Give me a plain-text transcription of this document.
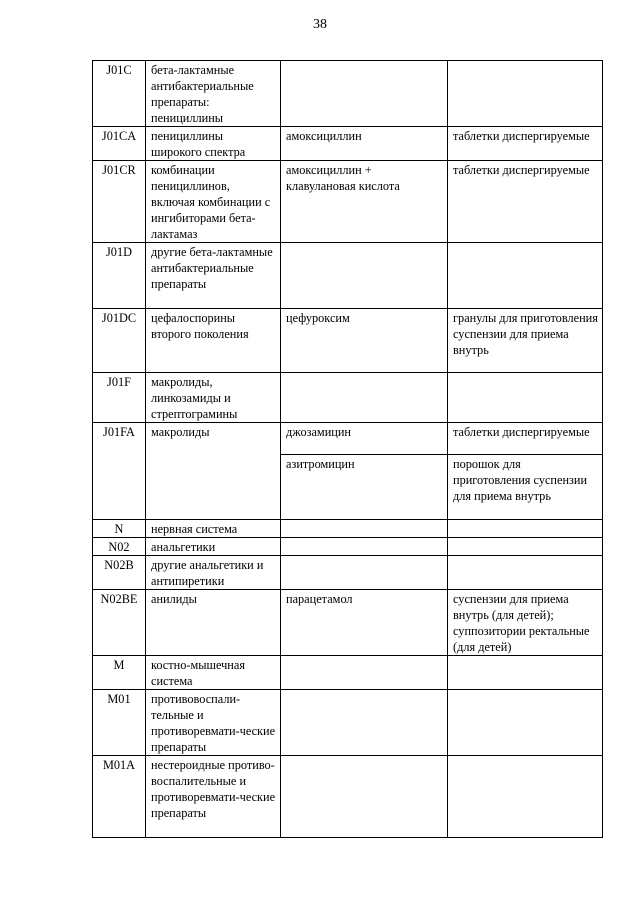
38
J01C	бета-лактамные антибактериальные препараты: пенициллины		
J01CA	пенициллины широкого спектра	амоксициллин	таблетки диспергируемые
J01CR	комбинации пенициллинов, включая комбинации с ингибиторами бета-лактамаз	амоксициллин + клавулановая кислота	таблетки диспергируемые
J01D	другие бета-лактамные антибактериальные препараты		
J01DC	цефалоспорины второго поколения	цефуроксим	гранулы для приготовления суспензии для приема внутрь
J01F	макролиды, линкозамиды и стрептограмины		
J01FA	макролиды	джозамицин	таблетки диспергируемые
		азитромицин	порошок для приготовления суспензии для приема внутрь
N	нервная система		
N02	анальгетики		
N02B	другие анальгетики и антипиретики		
N02BE	анилиды	парацетамол	суспензии для приема внутрь (для детей); суппозитории ректальные (для детей)
M	костно-мышечная система		
M01	противовоспали-тельные и противоревмати-ческие препараты		
M01A	нестероидные противо-воспалительные и противоревмати-ческие препараты		
